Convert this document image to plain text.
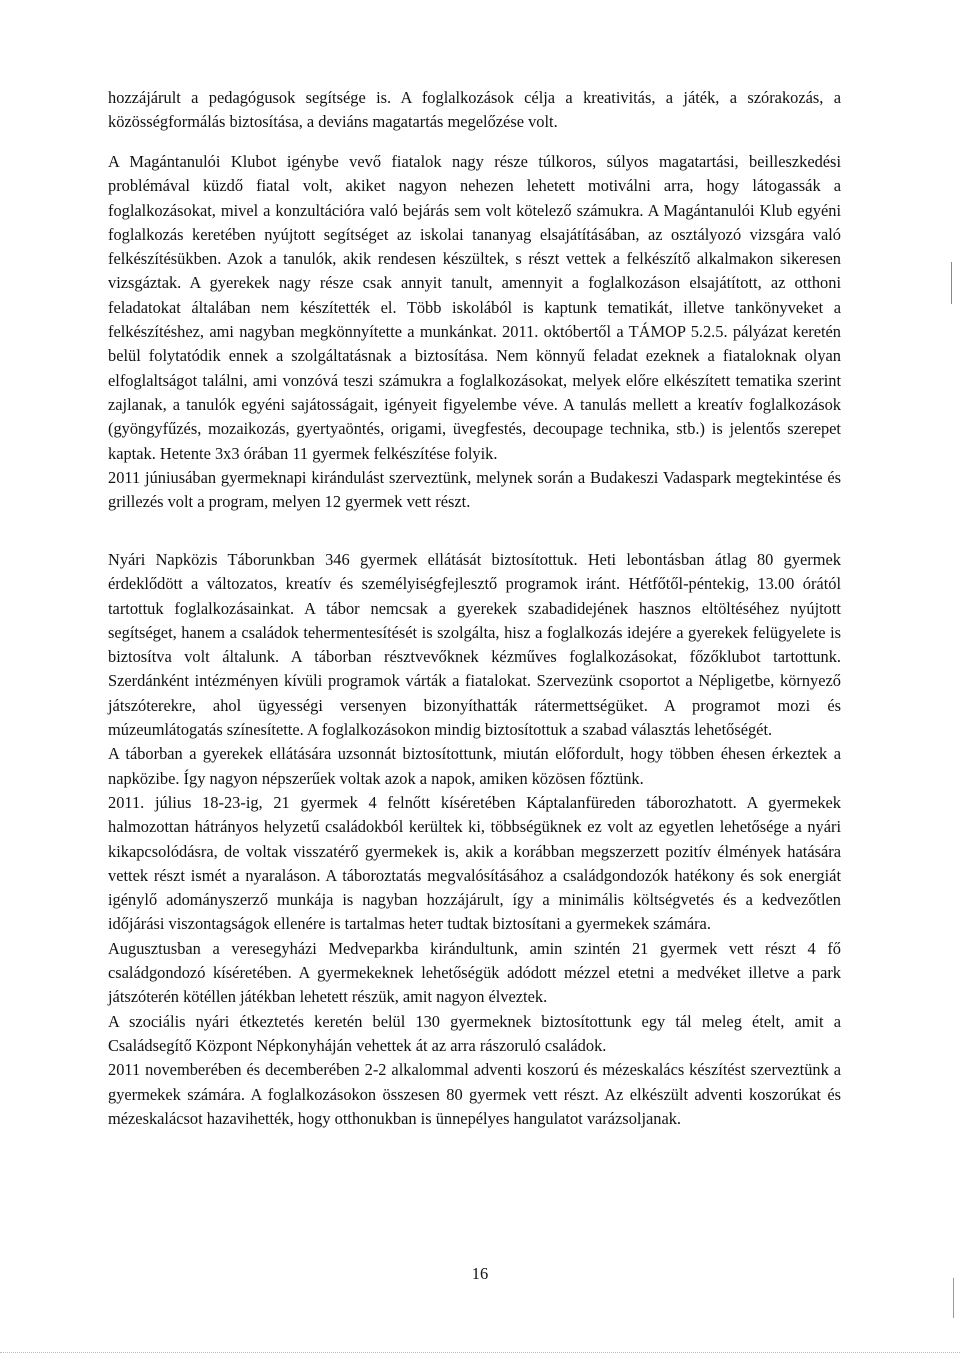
hozzájárult a pedagógusok segítsége is. A foglalkozások célja a kreativitás, a játék, a szórakozás, a közösségformálás biztosítása, a deviáns magatartás megelőzése volt.

A Magántanulói Klubot igénybe vevő fiatalok nagy része túlkoros, súlyos magatartási, beilleszkedési problémával küzdő fiatal volt, akiket nagyon nehezen lehetett motiválni arra, hogy látogassák a foglalkozásokat, mivel a konzultációra való bejárás sem volt kötelező számukra. A Magántanulói Klub egyéni foglalkozás keretében nyújtott segítséget az iskolai tananyag elsajátításában, az osztályozó vizsgára való felkészítésükben. Azok a tanulók, akik rendesen készültek, s részt vettek a felkészítő alkalmakon sikeresen vizsgáztak. A gyerekek nagy része csak annyit tanult, amennyit a foglalkozáson elsajátított, az otthoni feladatokat általában nem készítették el. Több iskolából is kaptunk tematikát, illetve tankönyveket a felkészítéshez, ami nagyban megkönnyítette a munkánkat. 2011. októbertől a TÁMOP 5.2.5. pályázat keretén belül folytatódik ennek a szolgáltatásnak a biztosítása. Nem könnyű feladat ezeknek a fiataloknak olyan elfoglaltságot találni, ami vonzóvá teszi számukra a foglalkozásokat, melyek előre elkészített tematika szerint zajlanak, a tanulók egyéni sajátosságait, igényeit figyelembe véve. A tanulás mellett a kreatív foglalkozások (gyöngyfűzés, mozaikozás, gyertyaöntés, origami, üvegfestés, decoupage technika, stb.) is jelentős szerepet kaptak. Hetente 3x3 órában 11 gyermek felkészítése folyik.
2011 júniusában gyermeknapi kirándulást szerveztünk, melynek során a Budakeszi Vadaspark megtekintése és grillezés volt a program, melyen 12 gyermek vett részt.

Nyári Napközis Táborunkban 346 gyermek ellátását biztosítottuk. Heti lebontásban átlag 80 gyermek érdeklődött a változatos, kreatív és személyiségfejlesztő programok iránt. Hétfőtől-péntekig, 13.00 órától tartottuk foglalkozásainkat. A tábor nemcsak a gyerekek szabadidejének hasznos eltöltéséhez nyújtott segítséget, hanem a családok tehermentesítését is szolgálta, hisz a foglalkozás idejére a gyerekek felügyelete is biztosítva volt általunk. A táborban résztvevőknek kézműves foglalkozásokat, főzőklubot tartottunk. Szerdánként intézményen kívüli programok várták a fiatalokat. Szervezünk csoportot a Népligetbe, környező játszóterekre, ahol ügyességi versenyen bizonyíthatták rátermettségüket. A programot mozi és múzeumlátogatás színesítette. A foglalkozásokon mindig biztosítottuk a szabad választás lehetőségét.
A táborban a gyerekek ellátására uzsonnát biztosítottunk, miután előfordult, hogy többen éhesen érkeztek a napközibe. Így nagyon népszerűek voltak azok a napok, amiken közösen főztünk.
2011. július 18-23-ig, 21 gyermek 4 felnőtt kíséretében Káptalanfüreden táborozhatott. A gyermekek halmozottan hátrányos helyzetű családokból kerültek ki, többségüknek ez volt az egyetlen lehetősége a nyári kikapcsolódásra, de voltak visszatérő gyermekek is, akik a korábban megszerzett pozitív élmények hatására vettek részt ismét a nyaraláson. A táboroztatás megvalósításához a családgondozók hatékony és sok energiát igénylő adományszerző munkája is nagyban hozzájárult, így a minimális költségvetés és a kedvezőtlen időjárási viszontagságok ellenére is tartalmas heteт tudtak biztosítani a gyermekek számára.
Augusztusban a veresegyházi Medveparkba kirándultunk, amin szintén 21 gyermek vett részt 4 fő családgondozó kíséretében. A gyermekeknek lehetőségük adódott mézzel etetni a medvéket illetve a park játszóterén kötéllen játékban lehetett részük, amit nagyon élveztek.
A szociális nyári étkeztetés keretén belül 130 gyermeknek biztosítottunk egy tál meleg ételt, amit a Családsegítő Központ Népkonyháján vehettek át az arra rászoruló családok.
2011 novemberében és decemberében 2-2 alkalommal adventi koszorú és mézeskalács készítést szerveztünk a gyermekek számára. A foglalkozásokon összesen 80 gyermek vett részt. Az elkészült adventi koszorúkat és mézeskalácsot hazavihették, hogy otthonukban is ünnepélyes hangulatot varázsoljanak.

16
